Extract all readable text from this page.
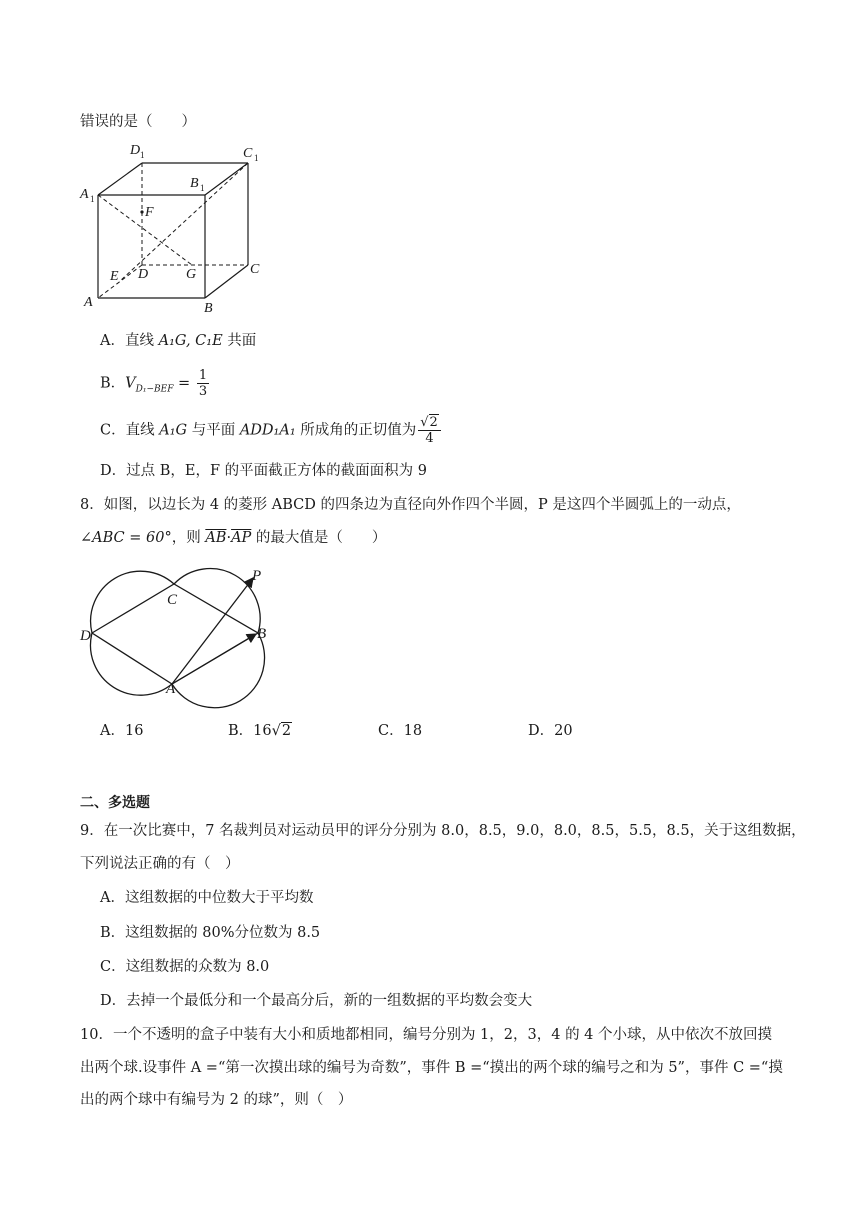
错误的是（　　）
D 1	C 1
A 1
B 1
F
E D	G	C
A	B
A．直线 A₁G, C₁E 共面
B．$V_{D_1-BEF} = \frac{1}{3}$
C．直线 A₁G 与平面 ADD₁A₁ 所成角的正切值为 $\frac{√2}{4}$
D．过点 B，E，F 的平面截正方体的截面面积为 9
8．如图，以边长为 4 的菱形 ABCD 的四条边为直径向外作四个半圆，P 是这四个半圆弧上的一动点，
∠ABC = 60°，则 $\overline{AB}\cdot\overline{AP}$ 的最大值是（　　）
P
C
D	B
A
A．16	B．16√2	C．18	D．20
二、多选题
9．在一次比赛中，7 名裁判员对运动员甲的评分分别为 8.0，8.5，9.0，8.0，8.5，5.5，8.5，关于这组数据，
下列说法正确的有（　）
A．这组数据的中位数大于平均数
B．这组数据的 80%分位数为 8.5
C．这组数据的众数为 8.0
D．去掉一个最低分和一个最高分后，新的一组数据的平均数会变大
10．一个不透明的盒子中装有大小和质地都相同，编号分别为 1，2，3，4 的 4 个小球，从中依次不放回摸
出两个球.设事件 A =“第一次摸出球的编号为奇数”，事件 B =“摸出的两个球的编号之和为 5”，事件 C =“摸
出的两个球中有编号为 2 的球”，则（　）
